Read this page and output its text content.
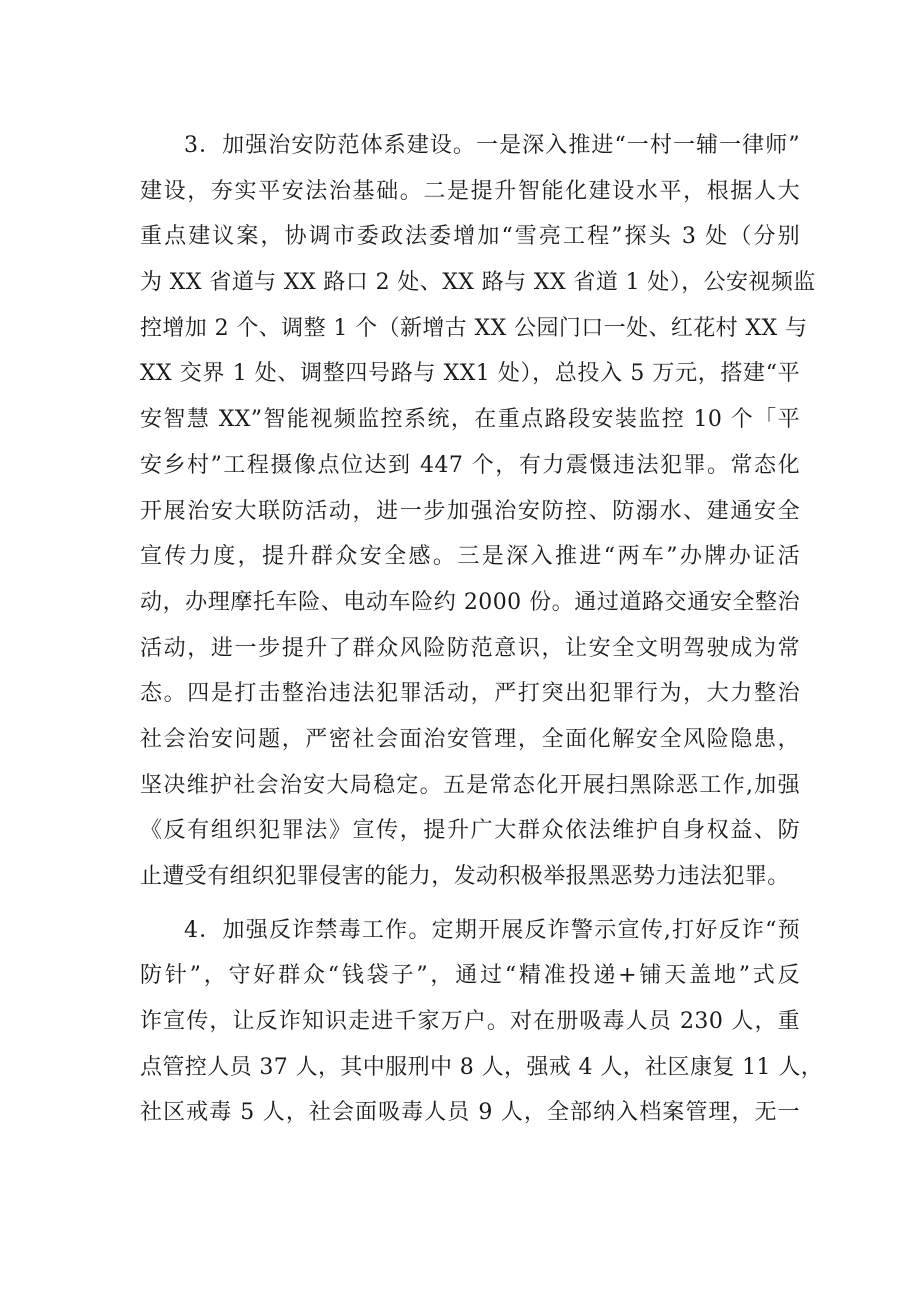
3．加强治安防范体系建设。一是深入推进“一村一辅一律师”
建设，夯实平安法治基础。二是提升智能化建设水平，根据人大
重点建议案，协调市委政法委增加“雪亮工程”探头 3 处（分别
为 XX 省道与 XX 路口 2 处、XX 路与 XX 省道 1 处），公安视频监
控增加 2 个、调整 1 个（新增古 XX 公园门口一处、红花村 XX 与
XX 交界 1 处、调整四号路与 XX1 处），总投入 5 万元，搭建“平
安智慧 XX”智能视频监控系统，在重点路段安装监控 10 个「平
安乡村”工程摄像点位达到 447 个，有力震慑违法犯罪。常态化
开展治安大联防活动，进一步加强治安防控、防溺水、建通安全
宣传力度，提升群众安全感。三是深入推进“两车”办牌办证活
动，办理摩托车险、电动车险约 2000 份。通过道路交通安全整治
活动，进一步提升了群众风险防范意识，让安全文明驾驶成为常
态。四是打击整治违法犯罪活动，严打突出犯罪行为，大力整治
社会治安问题，严密社会面治安管理，全面化解安全风险隐患，
坚决维护社会治安大局稳定。五是常态化开展扫黑除恶工作,加强
《反有组织犯罪法》宣传，提升广大群众依法维护自身权益、防
止遭受有组织犯罪侵害的能力，发动积极举报黑恶势力违法犯罪。
4．加强反诈禁毒工作。定期开展反诈警示宣传,打好反诈“预
防针”，守好群众“钱袋子”，通过“精准投递+铺天盖地”式反
诈宣传，让反诈知识走进千家万户。对在册吸毒人员 230 人，重
点管控人员 37 人，其中服刑中 8 人，强戒 4 人，社区康复 11 人，
社区戒毒 5 人，社会面吸毒人员 9 人，全部纳入档案管理，无一
